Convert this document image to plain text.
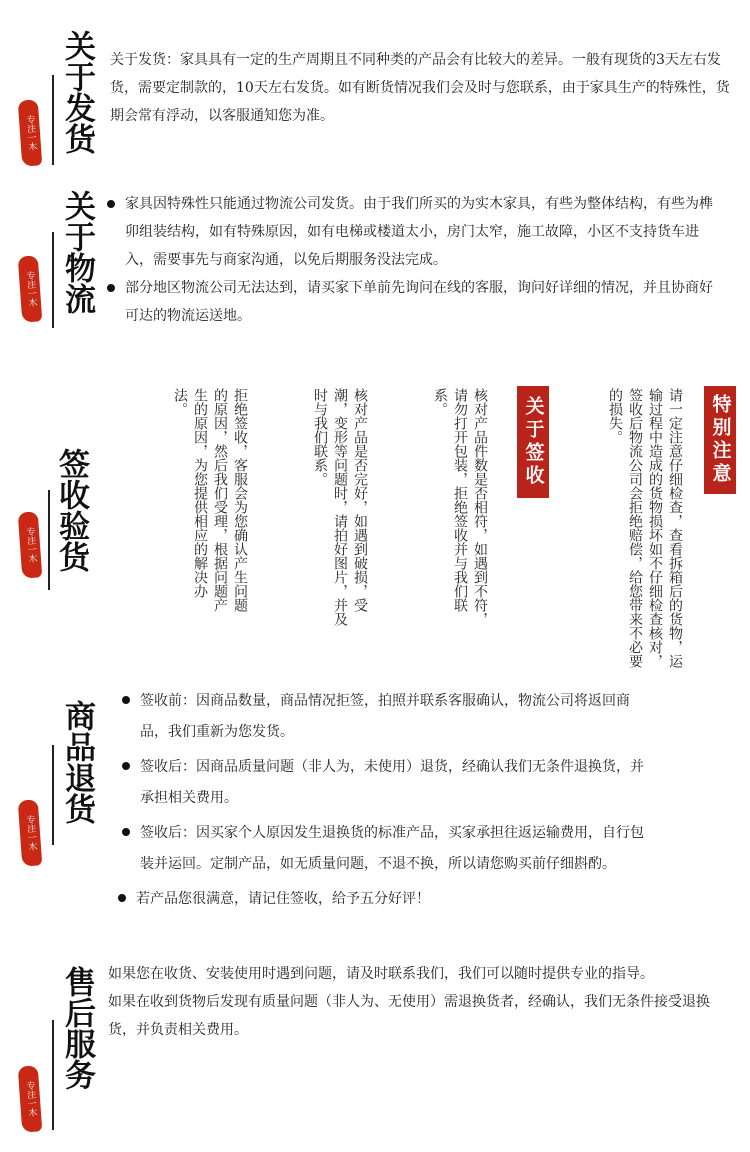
关于发货
专注一木

关于发货：家具具有一定的生产周期且不同种类的产品会有比较大的差异。一般有现货的3天左右发货，需要定制款的，10天左右发货。如有断货情况我们会及时与您联系，由于家具生产的特殊性，货期会常有浮动，以客服通知您为准。

关于物流
专注一木
家具因特殊性只能通过物流公司发货。由于我们所买的为实木家具，有些为整体结构，有些为榫卯组装结构，如有特殊原因，如有电梯或楼道太小，房门太窄，施工故障，小区不支持货车进入，需要事先与商家沟通，以免后期服务没法完成。
部分地区物流公司无法达到，请买家下单前先询问在线的客服，询问好详细的情况，并且协商好可达的物流运送地。
签收验货
专注一木
特别注意
请一定注意仔细检查，查看拆箱后的货物，运输过程中造成的货物损坏如不仔细检查核对，签收后物流公司会拒绝赔偿，给您带来不必要的损失。
关于签收
核对产品件数是否相符，如遇到不符，请勿打开包装，拒绝签收并与我们联系。
核对产品是否完好，如遇到破损，受潮，变形等问题时，请拍好图片，并及时与我们联系。
拒绝签收，客服会为您确认产生问题的原因，然后我们受理，根据问题产生的原因，为您提供相应的解决办法。
商品退货
专注一木
签收前：因商品数量，商品情况拒签，拍照并联系客服确认，物流公司将返回商品，我们重新为您发货。
签收后：因商品质量问题（非人为，未使用）退货，经确认我们无条件退换货，并承担相关费用。
签收后：因买家个人原因发生退换货的标准产品，买家承担往返运输费用，自行包装并运回。定制产品，如无质量问题，不退不换，所以请您购买前仔细斟酌。
若产品您很满意，请记住签收，给予五分好评！
售后服务
专注一木

如果您在收货、安装使用时遇到问题，请及时联系我们，我们可以随时提供专业的指导。

如果在收到货物后发现有质量问题（非人为、无使用）需退换货者，经确认，我们无条件接受退换货，并负责相关费用。
